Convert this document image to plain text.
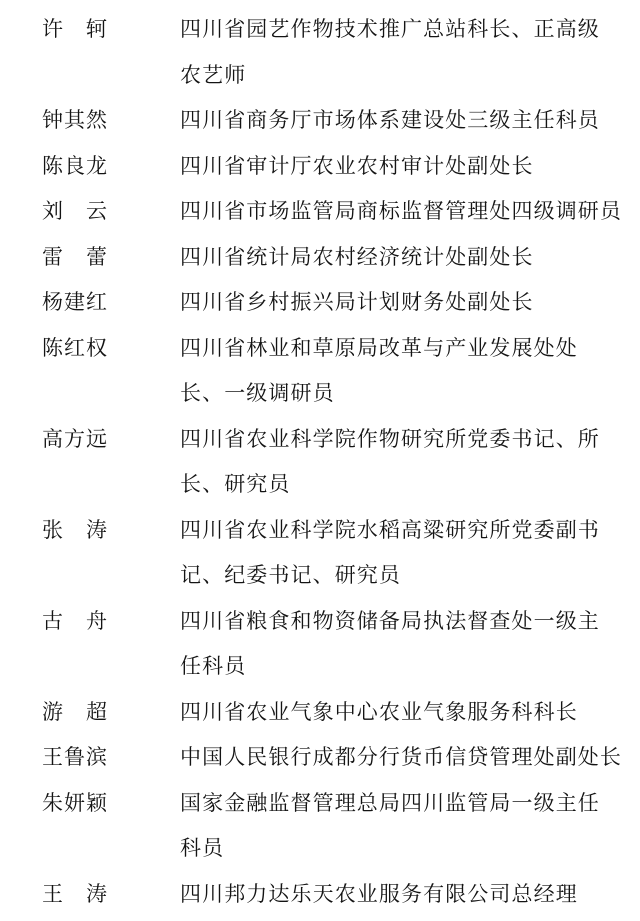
许　轲	四川省园艺作物技术推广总站科长、正高级
农艺师
钟其然	四川省商务厅市场体系建设处三级主任科员
陈良龙	四川省审计厅农业农村审计处副处长
刘　云	四川省市场监管局商标监督管理处四级调研员
雷　蕾	四川省统计局农村经济统计处副处长
杨建红	四川省乡村振兴局计划财务处副处长
陈红权	四川省林业和草原局改革与产业发展处处
长、一级调研员
高方远	四川省农业科学院作物研究所党委书记、所
长、研究员
张　涛	四川省农业科学院水稻高粱研究所党委副书
记、纪委书记、研究员
古　舟	四川省粮食和物资储备局执法督查处一级主
任科员
游　超	四川省农业气象中心农业气象服务科科长
王鲁滨	中国人民银行成都分行货币信贷管理处副处长
朱妍颖	国家金融监督管理总局四川监管局一级主任
科员
王　涛	四川邦力达乐天农业服务有限公司总经理
